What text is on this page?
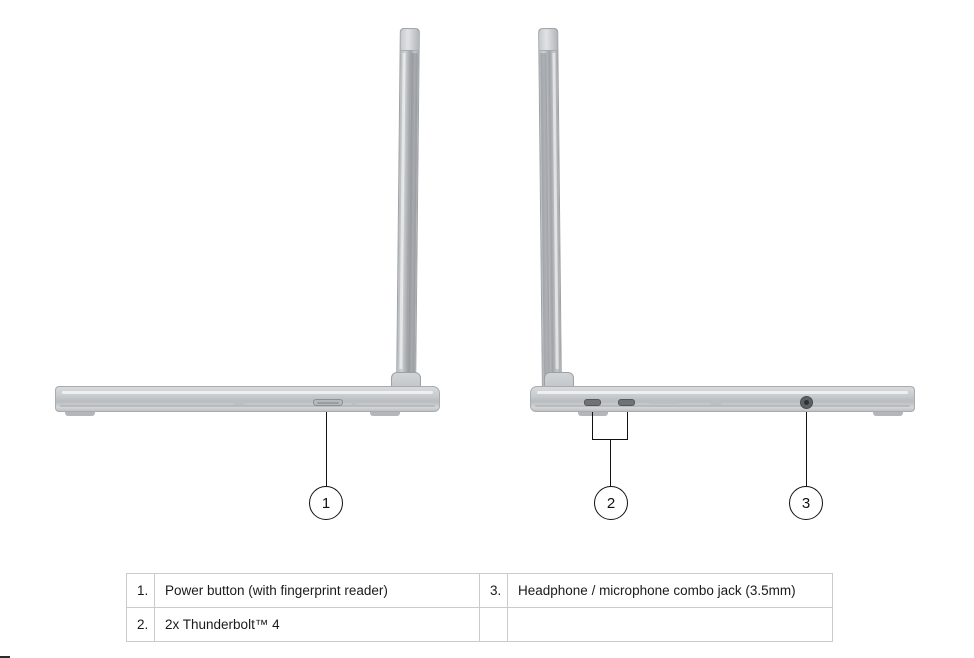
1	2	3
1.	Power button (with fingerprint reader)	3.	Headphone / microphone combo jack (3.5mm)
2.	2x Thunderbolt™ 4		
